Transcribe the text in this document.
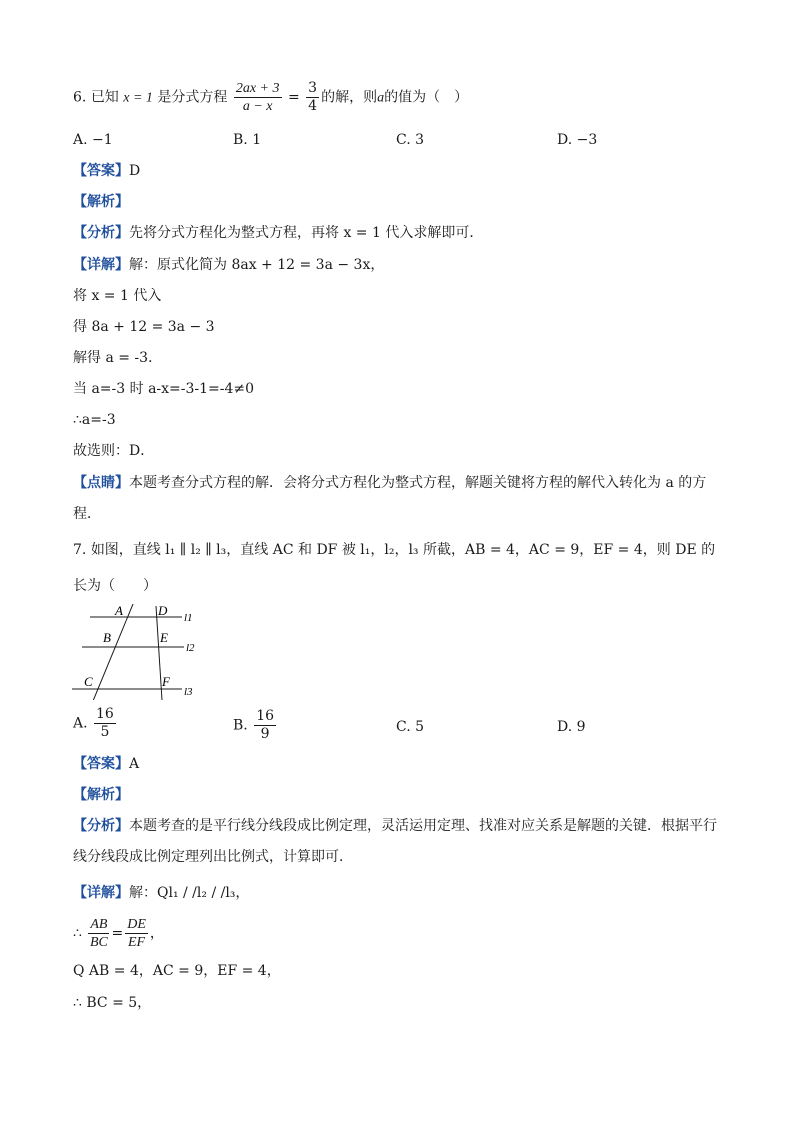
6. 已知 x = 1 是分式方程 $\frac{2ax + 3}{a - x} = \frac{3}{4}$ 的解，则a的值为（　）
A. −1	B. 1	C. 3	D. −3
【答案】D
【解析】
【分析】先将分式方程化为整式方程，再将 x = 1 代入求解即可．
【详解】解：原式化简为 8ax + 12 = 3a − 3x，
将 x = 1 代入
得 8a + 12 = 3a − 3
解得 a = -3．
当 a=-3 时 a-x=-3-1=-4≠0
∴a=-3
故选则：D．
【点睛】本题考查分式方程的解．会将分式方程化为整式方程，解题关键将方程的解代入转化为 a 的方
程．
7. 如图，直线 l₁ ∥ l₂ ∥ l₃，直线 AC 和 DF 被 l₁，l₂，l₃ 所截，AB = 4，AC = 9，EF = 4，则 DE 的
长为（　　）
A	D l1
B	E
l2
C	F
l3
A. $\frac{16}{5}$	B. $\frac{16}{9}$	C. 5	D. 9
【答案】A
【解析】
【分析】本题考查的是平行线分线段成比例定理，灵活运用定理、找准对应关系是解题的关键．根据平行
线分线段成比例定理列出比例式，计算即可．
【详解】解：Ql₁ / /l₂ / /l₃，
∴ $\frac{AB}{BC} = \frac{DE}{EF}$ ，
Q AB = 4，AC = 9，EF = 4，
∴ BC = 5，
